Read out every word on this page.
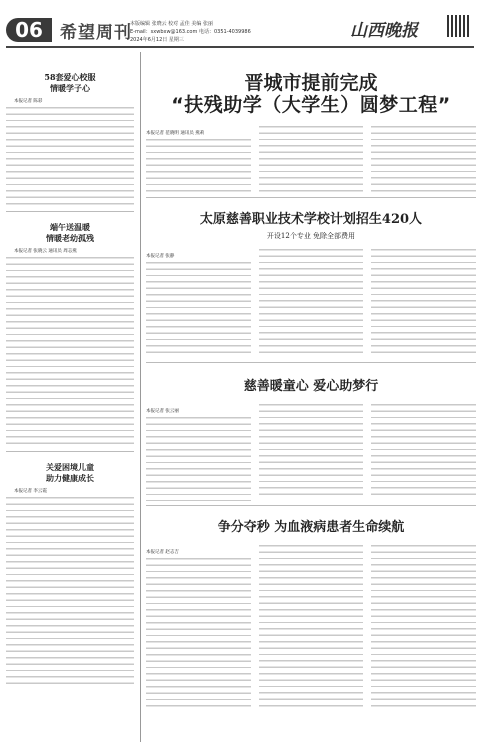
06	希望周刊
本版编辑 张晓云 校对 孟佳 美编 张丽
E-mail：sxwbxw@163.com 电话：0351-4039986
2024年6月12日 星期三	山西晚报

58套爱心校服

情暖学子心

本报记者 陈彩

端午送温暖

情暖老幼孤残

本报记者 张晓云 通讯员 周志燕

关爱困境儿童

助力健康成长

本报记者 李云霞

晋城市提前完成

“扶残助学（大学生）圆梦工程”

本报记者 范晓明 通讯员 燕莉

太原慈善职业技术学校计划招生420人

开设12个专业 免除全部费用

本报记者 张静

慈善暖童心 爱心助梦行

本报记者 张云丽

争分夺秒 为血液病患者生命续航

本报记者 赵志吉
